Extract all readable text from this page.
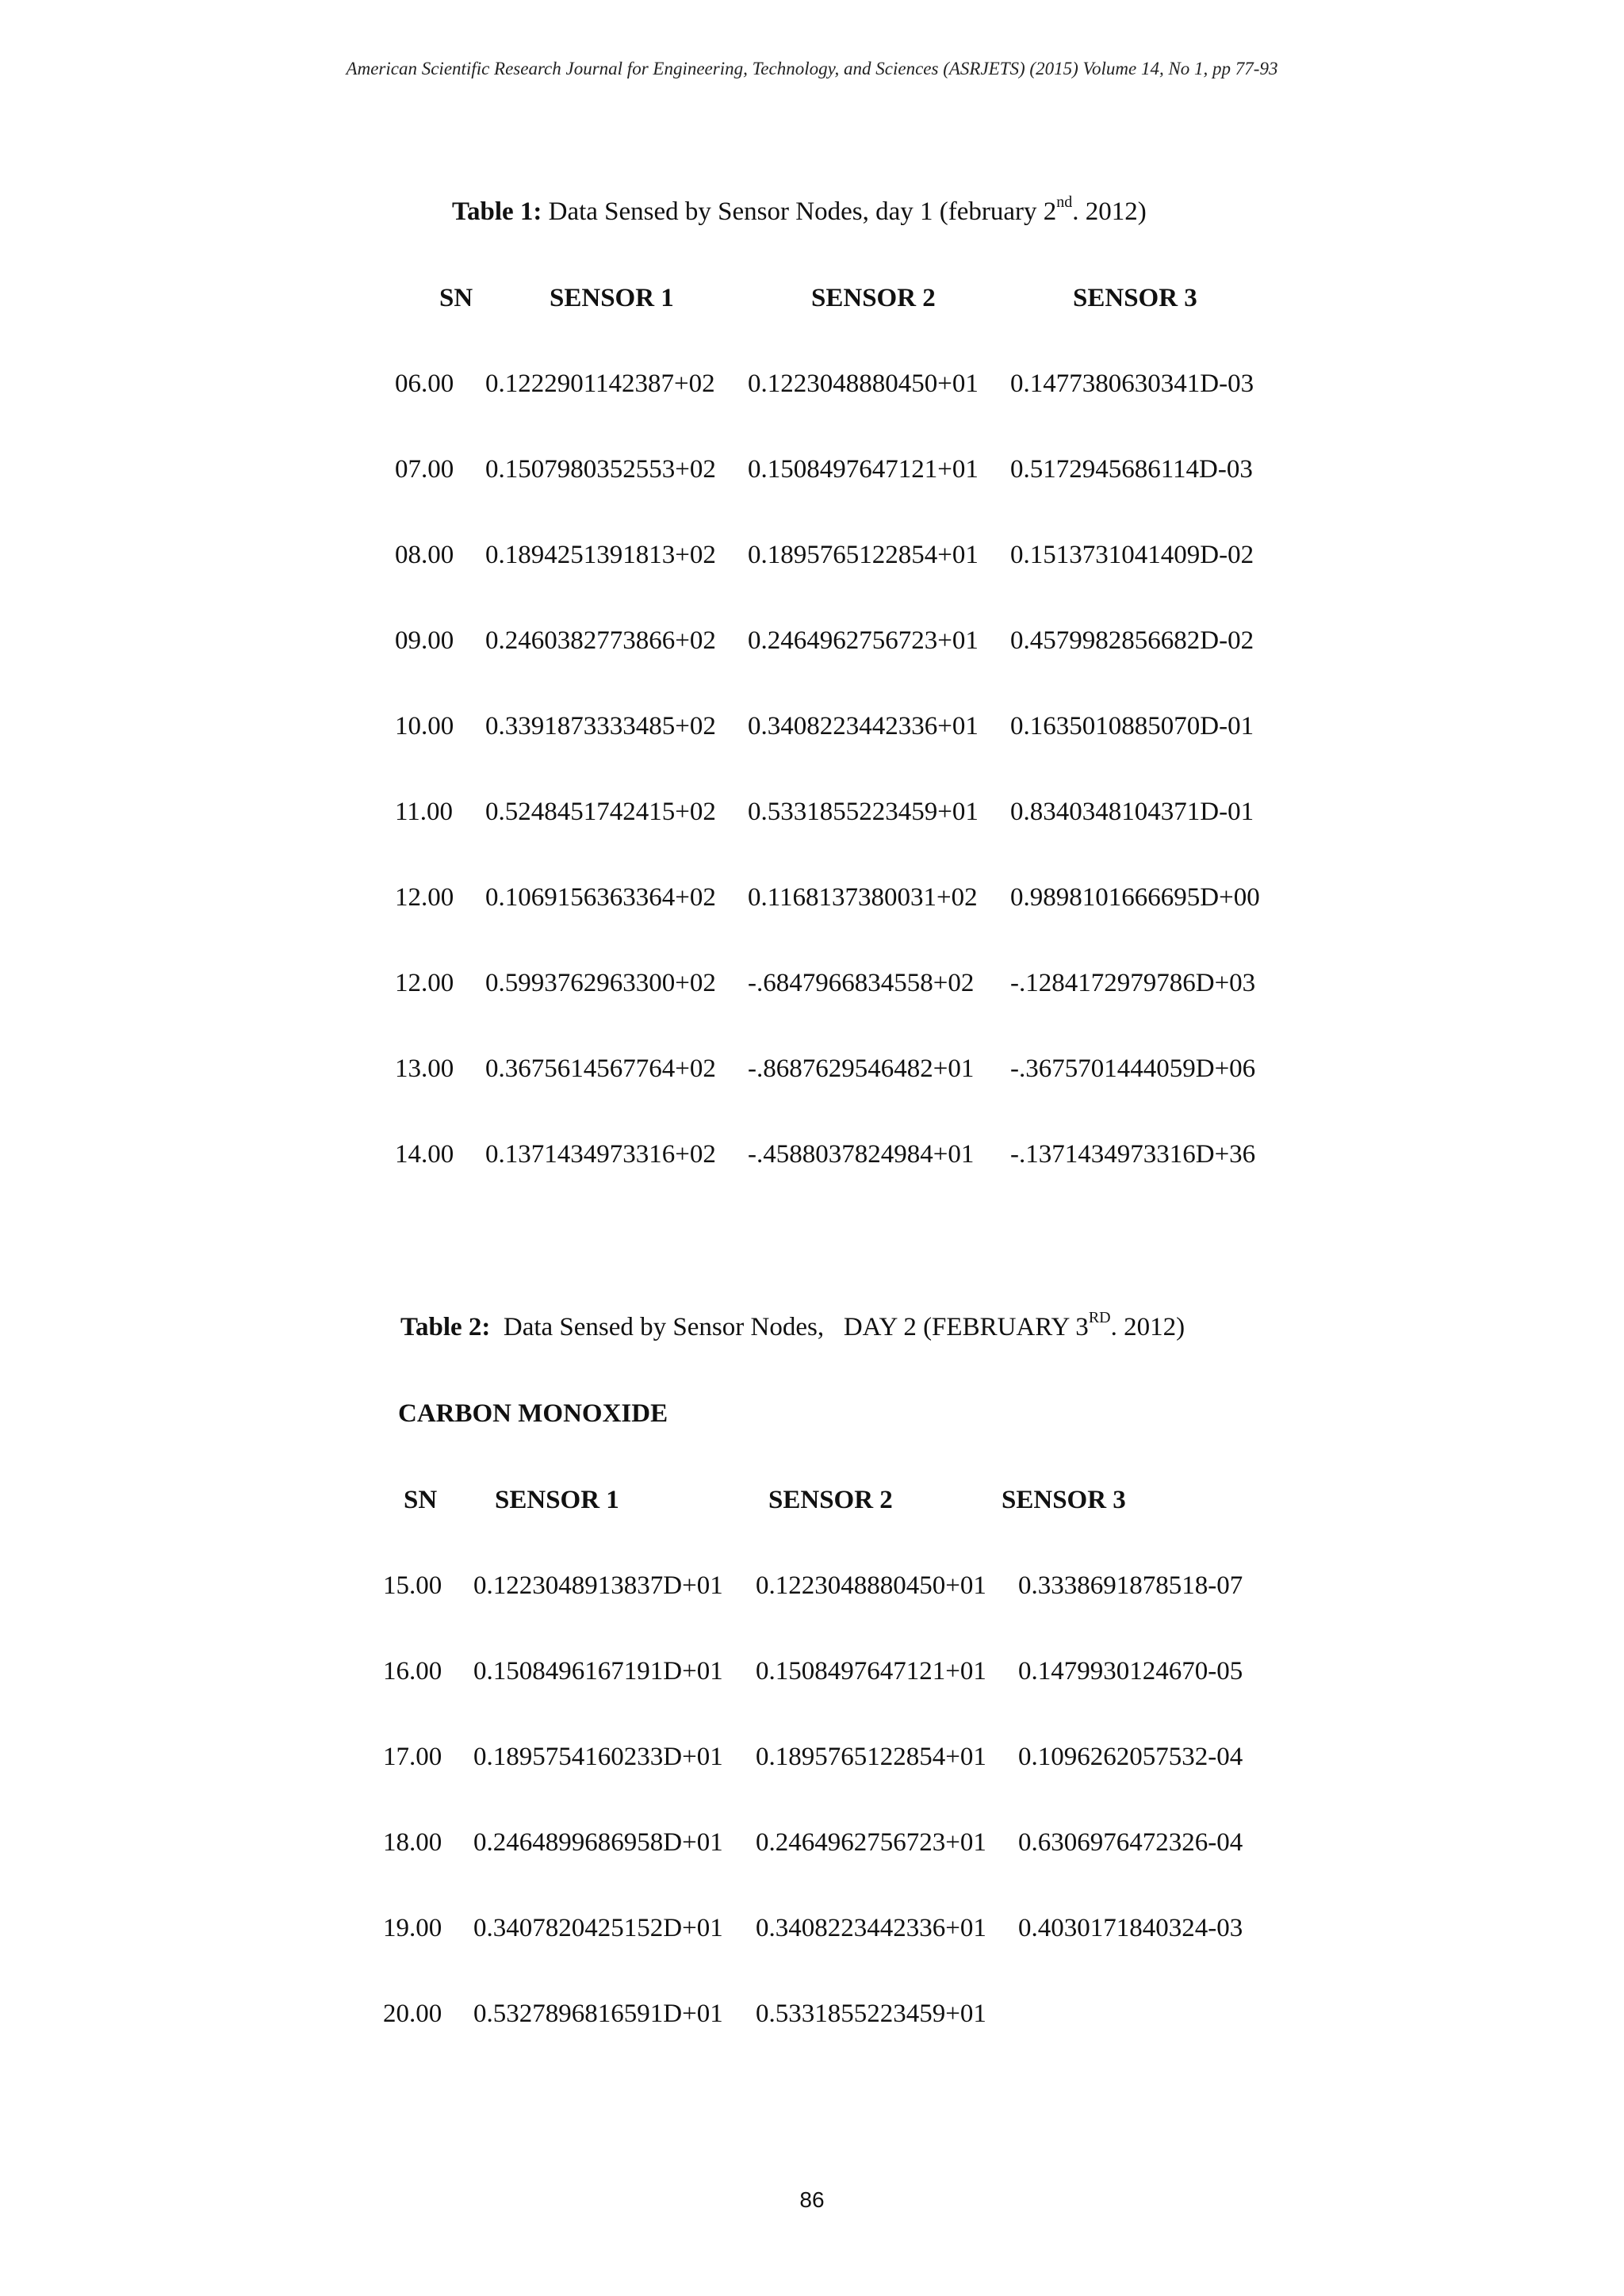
American Scientific Research Journal for Engineering, Technology, and Sciences (ASRJETS) (2015) Volume 14, No 1, pp 77-93
Table 1: Data Sensed by Sensor Nodes, day 1 (february 2nd. 2012)
SN	SENSOR 1	SENSOR 2	SENSOR 3
06.00 0.1222901142387+02 0.1223048880450+01 0.1477380630341D-03
07.00 0.1507980352553+02 0.1508497647121+01 0.5172945686114D-03
08.00 0.1894251391813+02 0.1895765122854+01 0.1513731041409D-02
09.00 0.2460382773866+02 0.2464962756723+01 0.4579982856682D-02
10.00 0.3391873333485+02 0.3408223442336+01 0.1635010885070D-01
11.00 0.5248451742415+02 0.5331855223459+01 0.8340348104371D-01
12.00 0.1069156363364+02 0.1168137380031+02 0.9898101666695D+00
12.00 0.5993762963300+02 -.6847966834558+02 -.1284172979786D+03
13.00 0.3675614567764+02 -.8687629546482+01 -.3675701444059D+06
14.00 0.1371434973316+02 -.4588037824984+01 -.1371434973316D+36
Table 2:  Data Sensed by Sensor Nodes,   DAY 2 (FEBRUARY 3RD. 2012)
CARBON MONOXIDE
SN SENSOR 1	SENSOR 2	SENSOR 3
15.00 0.1223048913837D+01 0.1223048880450+01 0.3338691878518-07
16.00 0.1508496167191D+01 0.1508497647121+01 0.1479930124670-05
17.00 0.1895754160233D+01 0.1895765122854+01 0.1096262057532-04
18.00 0.2464899686958D+01 0.2464962756723+01 0.6306976472326-04
19.00 0.3407820425152D+01 0.3408223442336+01 0.4030171840324-03
20.00 0.5327896816591D+01 0.5331855223459+01
86
